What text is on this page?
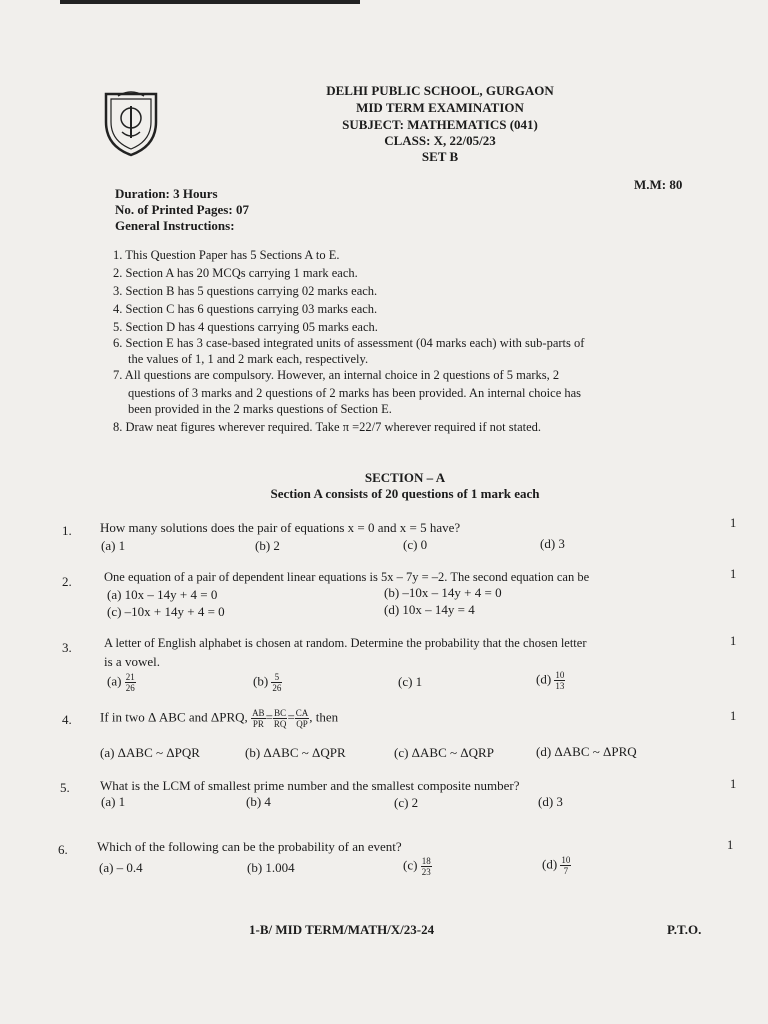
DELHI PUBLIC SCHOOL, GURGAON
MID TERM EXAMINATION
SUBJECT: MATHEMATICS (041)
CLASS: X, 22/05/23
SET B
Duration: 3 Hours
No. of Printed Pages: 07
General Instructions:
M.M: 80
1. This Question Paper has 5 Sections A to E.
2. Section A has 20 MCQs carrying 1 mark each.
3. Section B has 5 questions carrying 02 marks each.
4. Section C has 6 questions carrying 03 marks each.
5. Section D has 4 questions carrying 05 marks each.
6. Section E has 3 case-based integrated units of assessment (04 marks each) with sub-parts of
the values of 1, 1 and 2 mark each, respectively.
7. All questions are compulsory. However, an internal choice in 2 questions of 5 marks, 2
questions of 3 marks and 2 questions of 2 marks has been provided. An internal choice has
been provided in the 2 marks questions of Section E.
8. Draw neat figures wherever required. Take π =22/7 wherever required if not stated.
SECTION – A
Section A consists of 20 questions of 1 mark each
1. How many solutions does the pair of equations x = 0 and x = 5 have?	1
(a) 1	(b) 2	(c) 0	(d) 3
2.	One equation of a pair of dependent linear equations is 5x – 7y = –2. The second equation can be	1
(a) 10x – 14y + 4 = 0	(b) –10x – 14y + 4 = 0
(c) –10x + 14y + 4 = 0	(d) 10x – 14y = 4
3.	A letter of English alphabet is chosen at random. Determine the probability that the chosen letter
is a vowel.
1
$(a) \frac{21}{26}$	$(b) \frac{5}{26}$	(c) 1	$(d) \frac{10}{13}$
4. If in two Δ ABC and ΔPRQ, $\frac{AB}{PR} = \frac{BC}{RQ} = \frac{CA}{QP}$ , then	1
(a) ΔABC ~ ΔPQR	(b) ΔABC ~ ΔQPR	(c) ΔABC ~ ΔQRP	(d) ΔABC ~ ΔPRQ
5. What is the LCM of smallest prime number and the smallest composite number?	1
(a) 1	(b) 4	(c) 2	(d) 3
6. Which of the following can be the probability of an event?	1
(a) – 0.4	(b) 1.004	$(c) \frac{18}{23}$	$(d) \frac{10}{7}$
1-B/ MID TERM/MATH/X/23-24	P.T.O.
